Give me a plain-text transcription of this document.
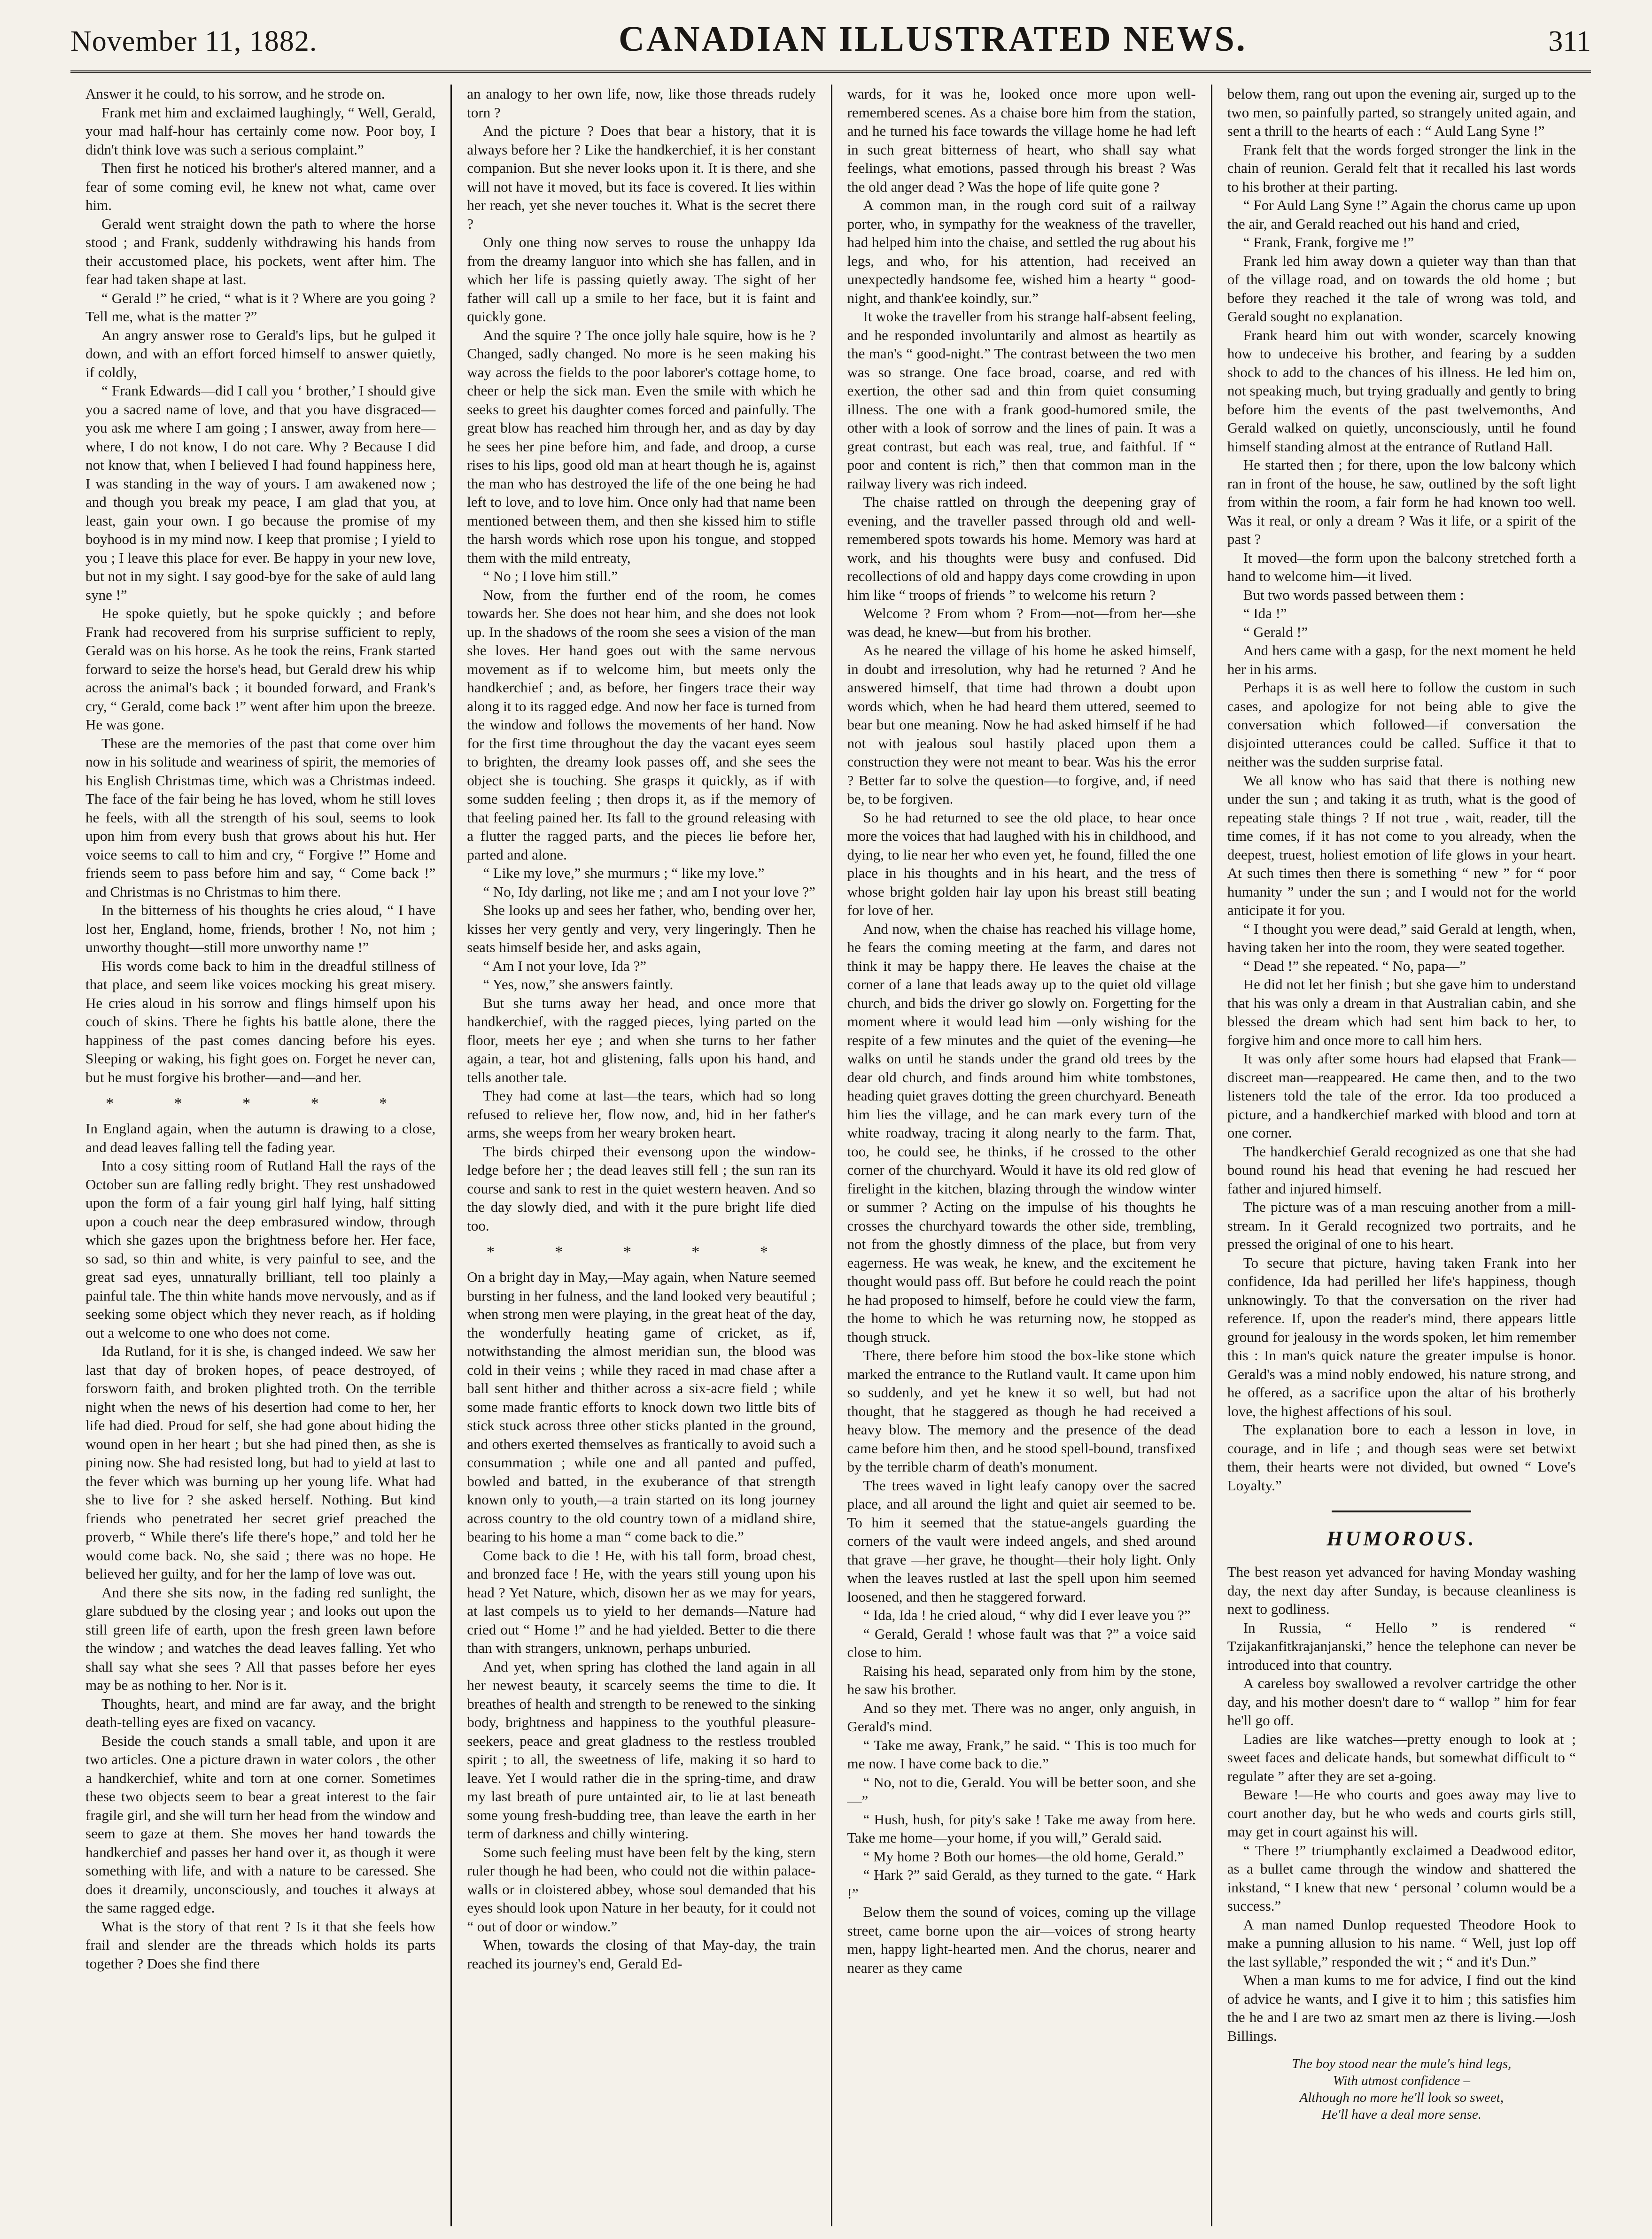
November 11, 1882.	CANADIAN ILLUSTRATED NEWS.	311

Answer it he could, to his sorrow, and he strode on.

Frank met him and exclaimed laughingly, “ Well, Gerald, your mad half-hour has certainly come now. Poor boy, I didn't think love was such a serious complaint.”

Then first he noticed his brother's altered manner, and a fear of some coming evil, he knew not what, came over him.

Gerald went straight down the path to where the horse stood ; and Frank, suddenly withdrawing his hands from their accustomed place, his pockets, went after him. The fear had taken shape at last.

“ Gerald !” he cried, “ what is it ? Where are you going ? Tell me, what is the matter ?”

An angry answer rose to Gerald's lips, but he gulped it down, and with an effort forced himself to answer quietly, if coldly,

“ Frank Edwards—did I call you ‘ brother,’ I should give you a sacred name of love, and that you have disgraced—you ask me where I am going ; I answer, away from here—where, I do not know, I do not care. Why ? Because I did not know that, when I believed I had found happiness here, I was standing in the way of yours. I am awakened now ; and though you break my peace, I am glad that you, at least, gain your own. I go because the promise of my boyhood is in my mind now. I keep that promise ; I yield to you ; I leave this place for ever. Be happy in your new love, but not in my sight. I say good-bye for the sake of auld lang syne !”

He spoke quietly, but he spoke quickly ; and before Frank had recovered from his surprise sufficient to reply, Gerald was on his horse. As he took the reins, Frank started forward to seize the horse's head, but Gerald drew his whip across the animal's back ; it bounded forward, and Frank's cry, “ Gerald, come back !” went after him upon the breeze. He was gone.

These are the memories of the past that come over him now in his solitude and weariness of spirit, the memories of his English Christmas time, which was a Christmas indeed. The face of the fair being he has loved, whom he still loves he feels, with all the strength of his soul, seems to look upon him from every bush that grows about his hut. Her voice seems to call to him and cry, “ Forgive !” Home and friends seem to pass before him and say, “ Come back !” and Christmas is no Christmas to him there.

In the bitterness of his thoughts he cries aloud, “ I have lost her, England, home, friends, brother ! No, not him ; unworthy thought—still more unworthy name !”

His words come back to him in the dreadful stillness of that place, and seem like voices mocking his great misery. He cries aloud in his sorrow and flings himself upon his couch of skins. There he fights his battle alone, there the happiness of the past comes dancing before his eyes. Sleeping or waking, his fight goes on. Forget he never can, but he must forgive his brother—and—and her.

* * * * *

In England again, when the autumn is drawing to a close, and dead leaves falling tell the fading year.

Into a cosy sitting room of Rutland Hall the rays of the October sun are falling redly bright. They rest unshadowed upon the form of a fair young girl half lying, half sitting upon a couch near the deep embrasured window, through which she gazes upon the brightness before her. Her face, so sad, so thin and white, is very painful to see, and the great sad eyes, unnaturally brilliant, tell too plainly a painful tale. The thin white hands move nervously, and as if seeking some object which they never reach, as if holding out a welcome to one who does not come.

Ida Rutland, for it is she, is changed indeed. We saw her last that day of broken hopes, of peace destroyed, of forsworn faith, and broken plighted troth. On the terrible night when the news of his desertion had come to her, her life had died. Proud for self, she had gone about hiding the wound open in her heart ; but she had pined then, as she is pining now. She had resisted long, but had to yield at last to the fever which was burning up her young life. What had she to live for ? she asked herself. Nothing. But kind friends who penetrated her secret grief preached the proverb, “ While there's life there's hope,” and told her he would come back. No, she said ; there was no hope. He believed her guilty, and for her the lamp of love was out.

And there she sits now, in the fading red sunlight, the glare subdued by the closing year ; and looks out upon the still green life of earth, upon the fresh green lawn before the window ; and watches the dead leaves falling. Yet who shall say what she sees ? All that passes before her eyes may be as nothing to her. Nor is it.

Thoughts, heart, and mind are far away, and the bright death-telling eyes are fixed on vacancy.

Beside the couch stands a small table, and upon it are two articles. One a picture drawn in water colors , the other a handkerchief, white and torn at one corner. Sometimes these two objects seem to bear a great interest to the fair fragile girl, and she will turn her head from the window and seem to gaze at them. She moves her hand towards the handkerchief and passes her hand over it, as though it were something with life, and with a nature to be caressed. She does it dreamily, unconsciously, and touches it always at the same ragged edge.

What is the story of that rent ? Is it that she feels how frail and slender are the threads which holds its parts together ? Does she find there

an analogy to her own life, now, like those threads rudely torn ?

And the picture ? Does that bear a history, that it is always before her ? Like the handkerchief, it is her constant companion. But she never looks upon it. It is there, and she will not have it moved, but its face is covered. It lies within her reach, yet she never touches it. What is the secret there ?

Only one thing now serves to rouse the unhappy Ida from the dreamy languor into which she has fallen, and in which her life is passing quietly away. The sight of her father will call up a smile to her face, but it is faint and quickly gone.

And the squire ? The once jolly hale squire, how is he ? Changed, sadly changed. No more is he seen making his way across the fields to the poor laborer's cottage home, to cheer or help the sick man. Even the smile with which he seeks to greet his daughter comes forced and painfully. The great blow has reached him through her, and as day by day he sees her pine before him, and fade, and droop, a curse rises to his lips, good old man at heart though he is, against the man who has destroyed the life of the one being he had left to love, and to love him. Once only had that name been mentioned between them, and then she kissed him to stifle the harsh words which rose upon his tongue, and stopped them with the mild entreaty,

“ No ; I love him still.”

Now, from the further end of the room, he comes towards her. She does not hear him, and she does not look up. In the shadows of the room she sees a vision of the man she loves. Her hand goes out with the same nervous movement as if to welcome him, but meets only the handkerchief ; and, as before, her fingers trace their way along it to its ragged edge. And now her face is turned from the window and follows the movements of her hand. Now for the first time throughout the day the vacant eyes seem to brighten, the dreamy look passes off, and she sees the object she is touching. She grasps it quickly, as if with some sudden feeling ; then drops it, as if the memory of that feeling pained her. Its fall to the ground releasing with a flutter the ragged parts, and the pieces lie before her, parted and alone.

“ Like my love,” she murmurs ; “ like my love.”

“ No, Idy darling, not like me ; and am I not your love ?”

She looks up and sees her father, who, bending over her, kisses her very gently and very, very lingeringly. Then he seats himself beside her, and asks again,

“ Am I not your love, Ida ?”

“ Yes, now,” she answers faintly.

But she turns away her head, and once more that handkerchief, with the ragged pieces, lying parted on the floor, meets her eye ; and when she turns to her father again, a tear, hot and glistening, falls upon his hand, and tells another tale.

They had come at last—the tears, which had so long refused to relieve her, flow now, and, hid in her father's arms, she weeps from her weary broken heart.

The birds chirped their evensong upon the window-ledge before her ; the dead leaves still fell ; the sun ran its course and sank to rest in the quiet western heaven. And so the day slowly died, and with it the pure bright life died too.

* * * * *

On a bright day in May,—May again, when Nature seemed bursting in her fulness, and the land looked very beautiful ; when strong men were playing, in the great heat of the day, the wonderfully heating game of cricket, as if, notwithstanding the almost meridian sun, the blood was cold in their veins ; while they raced in mad chase after a ball sent hither and thither across a six-acre field ; while some made frantic efforts to knock down two little bits of stick stuck across three other sticks planted in the ground, and others exerted themselves as frantically to avoid such a consummation ; while one and all panted and puffed, bowled and batted, in the exuberance of that strength known only to youth,—a train started on its long journey across country to the old country town of a midland shire, bearing to his home a man “ come back to die.”

Come back to die ! He, with his tall form, broad chest, and bronzed face ! He, with the years still young upon his head ? Yet Nature, which, disown her as we may for years, at last compels us to yield to her demands—Nature had cried out “ Home !” and he had yielded. Better to die there than with strangers, unknown, perhaps unburied.

And yet, when spring has clothed the land again in all her newest beauty, it scarcely seems the time to die. It breathes of health and strength to be renewed to the sinking body, brightness and happiness to the youthful pleasure-seekers, peace and great gladness to the restless troubled spirit ; to all, the sweetness of life, making it so hard to leave. Yet I would rather die in the spring-time, and draw my last breath of pure untainted air, to lie at last beneath some young fresh-budding tree, than leave the earth in her term of darkness and chilly wintering.

Some such feeling must have been felt by the king, stern ruler though he had been, who could not die within palace-walls or in cloistered abbey, whose soul demanded that his eyes should look upon Nature in her beauty, for it could not “ out of door or window.”

When, towards the closing of that May-day, the train reached its journey's end, Gerald Ed-

wards, for it was he, looked once more upon well-remembered scenes. As a chaise bore him from the station, and he turned his face towards the village home he had left in such great bitterness of heart, who shall say what feelings, what emotions, passed through his breast ? Was the old anger dead ? Was the hope of life quite gone ?

A common man, in the rough cord suit of a railway porter, who, in sympathy for the weakness of the traveller, had helped him into the chaise, and settled the rug about his legs, and who, for his attention, had received an unexpectedly handsome fee, wished him a hearty “ good-night, and thank'ee koindly, sur.”

It woke the traveller from his strange half-absent feeling, and he responded involuntarily and almost as heartily as the man's “ good-night.” The contrast between the two men was so strange. One face broad, coarse, and red with exertion, the other sad and thin from quiet consuming illness. The one with a frank good-humored smile, the other with a look of sorrow and the lines of pain. It was a great contrast, but each was real, true, and faithful. If “ poor and content is rich,” then that common man in the railway livery was rich indeed.

The chaise rattled on through the deepening gray of evening, and the traveller passed through old and well-remembered spots towards his home. Memory was hard at work, and his thoughts were busy and confused. Did recollections of old and happy days come crowding in upon him like “ troops of friends ” to welcome his return ?

Welcome ? From whom ? From—not—from her—she was dead, he knew—but from his brother.

As he neared the village of his home he asked himself, in doubt and irresolution, why had he returned ? And he answered himself, that time had thrown a doubt upon words which, when he had heard them uttered, seemed to bear but one meaning. Now he had asked himself if he had not with jealous soul hastily placed upon them a construction they were not meant to bear. Was his the error ? Better far to solve the question—to forgive, and, if need be, to be forgiven.

So he had returned to see the old place, to hear once more the voices that had laughed with his in childhood, and dying, to lie near her who even yet, he found, filled the one place in his thoughts and in his heart, and the tress of whose bright golden hair lay upon his breast still beating for love of her.

And now, when the chaise has reached his village home, he fears the coming meeting at the farm, and dares not think it may be happy there. He leaves the chaise at the corner of a lane that leads away up to the quiet old village church, and bids the driver go slowly on. Forgetting for the moment where it would lead him —only wishing for the respite of a few minutes and the quiet of the evening—he walks on until he stands under the grand old trees by the dear old church, and finds around him white tombstones, heading quiet graves dotting the green churchyard. Beneath him lies the village, and he can mark every turn of the white roadway, tracing it along nearly to the farm. That, too, he could see, he thinks, if he crossed to the other corner of the churchyard. Would it have its old red glow of firelight in the kitchen, blazing through the window winter or summer ? Acting on the impulse of his thoughts he crosses the churchyard towards the other side, trembling, not from the ghostly dimness of the place, but from very eagerness. He was weak, he knew, and the excitement he thought would pass off. But before he could reach the point he had proposed to himself, before he could view the farm, the home to which he was returning now, he stopped as though struck.

There, there before him stood the box-like stone which marked the entrance to the Rutland vault. It came upon him so suddenly, and yet he knew it so well, but had not thought, that he staggered as though he had received a heavy blow. The memory and the presence of the dead came before him then, and he stood spell-bound, transfixed by the terrible charm of death's monument.

The trees waved in light leafy canopy over the sacred place, and all around the light and quiet air seemed to be. To him it seemed that the statue-angels guarding the corners of the vault were indeed angels, and shed around that grave —her grave, he thought—their holy light. Only when the leaves rustled at last the spell upon him seemed loosened, and then he staggered forward.

“ Ida, Ida ! he cried aloud, “ why did I ever leave you ?”

“ Gerald, Gerald ! whose fault was that ?” a voice said close to him.

Raising his head, separated only from him by the stone, he saw his brother.

And so they met. There was no anger, only anguish, in Gerald's mind.

“ Take me away, Frank,” he said. “ This is too much for me now. I have come back to die.”

“ No, not to die, Gerald. You will be better soon, and she—”

“ Hush, hush, for pity's sake ! Take me away from here. Take me home—your home, if you will,” Gerald said.

“ My home ? Both our homes—the old home, Gerald.”

“ Hark ?” said Gerald, as they turned to the gate. “ Hark !”

Below them the sound of voices, coming up the village street, came borne upon the air—voices of strong hearty men, happy light-hearted men. And the chorus, nearer and nearer as they came

below them, rang out upon the evening air, surged up to the two men, so painfully parted, so strangely united again, and sent a thrill to the hearts of each : “ Auld Lang Syne !”

Frank felt that the words forged stronger the link in the chain of reunion. Gerald felt that it recalled his last words to his brother at their parting.

“ For Auld Lang Syne !” Again the chorus came up upon the air, and Gerald reached out his hand and cried,

“ Frank, Frank, forgive me !”

Frank led him away down a quieter way than than that of the village road, and on towards the old home ; but before they reached it the tale of wrong was told, and Gerald sought no explanation.

Frank heard him out with wonder, scarcely knowing how to undeceive his brother, and fearing by a sudden shock to add to the chances of his illness. He led him on, not speaking much, but trying gradually and gently to bring before him the events of the past twelvemonths, And Gerald walked on quietly, unconsciously, until he found himself standing almost at the entrance of Rutland Hall.

He started then ; for there, upon the low balcony which ran in front of the house, he saw, outlined by the soft light from within the room, a fair form he had known too well. Was it real, or only a dream ? Was it life, or a spirit of the past ?

It moved—the form upon the balcony stretched forth a hand to welcome him—it lived.

But two words passed between them :

“ Ida !”

“ Gerald !”

And hers came with a gasp, for the next moment he held her in his arms.

Perhaps it is as well here to follow the custom in such cases, and apologize for not being able to give the conversation which followed—if conversation the disjointed utterances could be called. Suffice it that to neither was the sudden surprise fatal.

We all know who has said that there is nothing new under the sun ; and taking it as truth, what is the good of repeating stale things ? If not true , wait, reader, till the time comes, if it has not come to you already, when the deepest, truest, holiest emotion of life glows in your heart. At such times then there is something “ new ” for “ poor humanity ” under the sun ; and I would not for the world anticipate it for you.

“ I thought you were dead,” said Gerald at length, when, having taken her into the room, they were seated together.

“ Dead !” she repeated. “ No, papa—”

He did not let her finish ; but she gave him to understand that his was only a dream in that Australian cabin, and she blessed the dream which had sent him back to her, to forgive him and once more to call him hers.

It was only after some hours had elapsed that Frank—discreet man—reappeared. He came then, and to the two listeners told the tale of the error. Ida too produced a picture, and a handkerchief marked with blood and torn at one corner.

The handkerchief Gerald recognized as one that she had bound round his head that evening he had rescued her father and injured himself.

The picture was of a man rescuing another from a mill-stream. In it Gerald recognized two portraits, and he pressed the original of one to his heart.

To secure that picture, having taken Frank into her confidence, Ida had perilled her life's happiness, though unknowingly. To that the conversation on the river had reference. If, upon the reader's mind, there appears little ground for jealousy in the words spoken, let him remember this : In man's quick nature the greater impulse is honor. Gerald's was a mind nobly endowed, his nature strong, and he offered, as a sacrifice upon the altar of his brotherly love, the highest affections of his soul.

The explanation bore to each a lesson in love, in courage, and in life ; and though seas were set betwixt them, their hearts were not divided, but owned “ Love's Loyalty.”

HUMOROUS.

The best reason yet advanced for having Monday washing day, the next day after Sunday, is because cleanliness is next to godliness.

In Russia, “ Hello ” is rendered “ Tzijakanfitkrajanjanski,” hence the telephone can never be introduced into that country.

A careless boy swallowed a revolver cartridge the other day, and his mother doesn't dare to “ wallop ” him for fear he'll go off.

Ladies are like watches—pretty enough to look at ; sweet faces and delicate hands, but somewhat difficult to “ regulate ” after they are set a-going.

Beware !—He who courts and goes away may live to court another day, but he who weds and courts girls still, may get in court against his will.

“ There !” triumphantly exclaimed a Deadwood editor, as a bullet came through the window and shattered the inkstand, “ I knew that new ‘ personal ’ column would be a success.”

A man named Dunlop requested Theodore Hook to make a punning allusion to his name. “ Well, just lop off the last syllable,” responded the wit ; “ and it's Dun.”

When a man kums to me for advice, I find out the kind of advice he wants, and I give it to him ; this satisfies him the he and I are two az smart men az there is living.—Josh Billings.

The boy stood near the mule's hind legs,
With utmost confidence –
Although no more he'll look so sweet,
He'll have a deal more sense.
